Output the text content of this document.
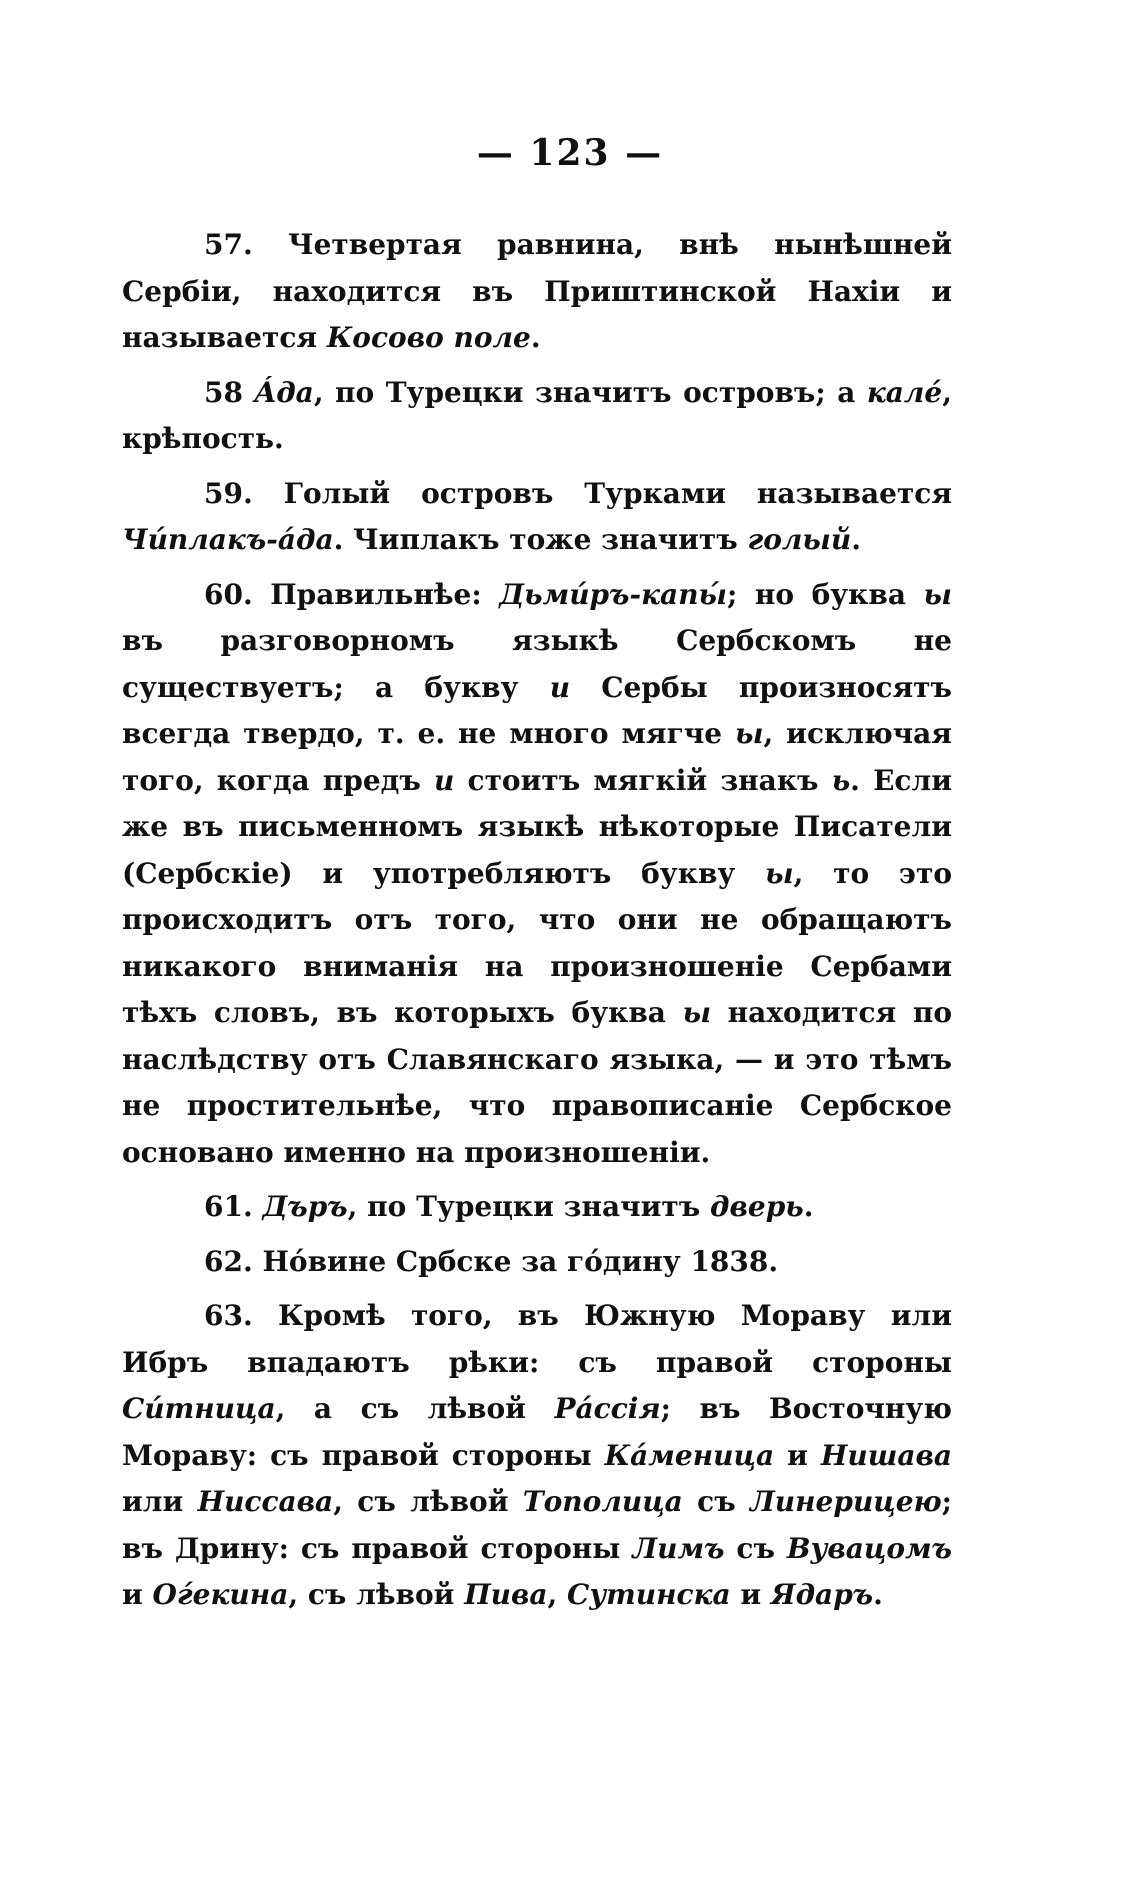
— 123 —

57. Четвертая равнина, внѣ нынѣшней Сербіи, находится въ Приштинской Нахіи и называется Косово поле.

58 Áда, по Турецки значитъ островъ; а калé, крѣпость.

59. Голый островъ Турками называется Чúплакъ-áда. Чиплакъ тоже значитъ голый.

60. Правильнѣе: Дьмúръ-капы́; но буква ы въ разговорномъ языкѣ Сербскомъ не существуетъ; а букву и Сербы произносятъ всегда твердо, т. е. не много мягче ы, исключая того, когда предъ и стоитъ мягкій знакъ ь. Если же въ письменномъ языкѣ нѣкоторые Писатели (Сербскіе) и употребляютъ букву ы, то это происходитъ отъ того, что они не обращаютъ никакого вниманія на произношеніе Сербами тѣхъ словъ, въ которыхъ буква ы находится по наслѣдству отъ Славянскаго языка, — и это тѣмъ не простительнѣе, что правописаніе Сербское основано именно на произношеніи.

61. Дъръ, по Турецки значитъ дверь.

62. Нóвине Србске за гóдину 1838.

63. Кромѣ того, въ Южную Мораву или Ибръ впадаютъ рѣки: съ правой стороны Сúтница, а съ лѣвой Рáссія; въ Восточную Мораву: съ правой стороны Кáменица и Нишава или Ниссава, съ лѣвой Тополица съ Линерицею; въ Дрину: съ правой стороны Лимъ съ Вувацомъ и Оѓекина, съ лѣвой Пива, Сутинска и Ядаръ.
